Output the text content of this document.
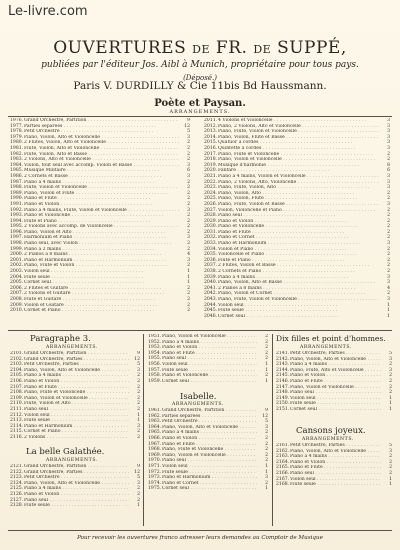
Le-livre.com
OUVERTURES DE FR. DE SUPPÉ,
publiées par l'éditeur Jos. Aibl à Munich, propriétaire pour tous pays.
(Déposé.)
Paris V. DURDILLY & Cie 11bis Bd Haussmann.
Poète et Paysan.
ARRANGEMENTS.
1976. Grand Orchestre, Partition . . .	9
1977. Parties séparées . . .	12
1978. Petit Orchestre . . .	5
1979. Piano, Violon, Alto et Violoncelle . . .	3
1980. 2 Flûtes, Violon, Alto et Violoncelle . . .	2
1981. Flûte, Violon, Alto et Violoncelle . . .	2
1982. Flûte, Violon, Alto et Basse . . .	2
1983. 2 Violons, Alto et Violoncelle . . .	2
1984. Violon, tout seul avec accomp. Violon et Basse . . .	3
1985. Musique Militaire . . .	6
1986. 2 Cornets et Basse . . .	3
1987. Piano à 4 mains . . .	2
1988. Flûte, Violon et Violoncelle . . .	2
1989. Piano, Violon et Flûte . . .	2
1990. Piano et Flûte . . .	2
1991. Piano et Violon . . .	2
1992. Piano à 4 mains, Flûte, Violon et Violoncelle . . .	3
1993. Piano et Violoncelle . . .	2
1994. Flûte et Piano . . .	2
1995. 2 Violons avec accomp. de Violoncelle . . .	2
1996. Piano, Violon et Alto . . .	2
1997. Harmonium et Piano . . .	3
1998. Piano seul, avec Violon . . .	2
1999. Piano à 2 mains . . .	2
2000. 2 Pianos à 8 mains . . .	4
2001. Piano et Harmonium . . .	3
2002. Piano, Flûte et Violon . . .	2
2003. Violon seul . . .	1
2004. Flûte seule . . .	1
2005. Cornet seul . . .	1
2006. 2 Flûtes et Guitare . . .	2
2007. 2 Violons et Guitare . . .	2
2008. Flûte et Guitare . . .	2
2009. Violon et Guitare . . .	2
2010. Cornet et Piano . . .	2
2011. 4 Violons et Violoncelle . . .	3
2012. Piano, 2 Violons, Alto et Violoncelle . . .	3
2013. Piano, Flûte, Violon et Violoncelle . . .	3
2014. Piano, Violon, Flûte et Basse . . .	3
2015. Quatuor à cordes . . .	3
2016. Quintette à cordes . . .	3
2017. Piano, Flûte et Violoncelle . . .	2
2018. Piano, Violon et Violoncelle . . .	2
2019. Musique d'harmonie . . .	8
2020. Fanfare . . .	6
2021. Piano à 4 mains, Violon et Violoncelle . . .	3
2022. Piano, 2 Violons, Alto, Violoncelle . . .	3
2023. Piano, Flûte, Violon, Alto . . .	3
2024. Piano, Violon, Alto . . .	2
2025. Piano, Violon, Flûte . . .	2
2026. Piano, Flûte, Violon et Basse . . .	3
2027. Violon, Violoncelle et Piano . . .	2
2028. Piano seul . . .	2
2029. Piano et Violon . . .	2
2030. Piano et Violoncelle . . .	2
2031. Piano et Flûte . . .	2
2032. Piano et Cornet . . .	2
2033. Piano et Harmonium . . .	3
2034. Violon et Piano . . .	2
2035. Violoncelle et Piano . . .	2
2036. Flûte et Piano . . .	2
2037. 2 Flûtes, Violon et Basse . . .	2
2038. 2 Cornets et Piano . . .	2
2039. Piano à 4 mains . . .	3
2040. Piano, Violon, Alto et Basse . . .	3
2041. 2 Pianos à 8 mains . . .	4
2042. Piano, Violon et Cornet . . .	2
2043. Piano, Flûte, Violon et Violoncelle . . .	3
2044. Violon seul . . .	1
2045. Flûte seule . . .	1
2046. Cornet seul . . .	1
Paragraphe 3.
ARRANGEMENTS.
2101. Grand Orchestre, Partition . . .	9
2102. Grand Orchestre, Parties . . .	12
2103. Petit Orchestre, Parties . . .	5
2104. Piano, Violon, Alto et Violoncelle . . .	3
2105. Piano à 4 mains . . .	2
2106. Piano et Violon . . .	2
2107. Piano et Flûte . . .	2
2108. Piano, Flûte et Violoncelle . . .	2
2109. Piano, Violon et Violoncelle . . .	2
2110. Flûte, Violon et Alto . . .	2
2111. Piano seul . . .	2
2112. Violon seul . . .	1
2113. Flûte seule . . .	1
2114. Piano et Harmonium . . .	3
2115. Cornet et Piano . . .	2
2116. 2 Violons . . .	2
La belle Galathée.
ARRANGEMENTS.
2121. Grand Orchestre, Partition . . .	9
2122. Grand Orchestre, Parties . . .	12
2123. Petit Orchestre . . .	5
2124. Piano, Violon, Alto et Violoncelle . . .	3
2125. Piano à 4 mains . . .	2
2126. Piano et Violon . . .	2
2127. Piano seul . . .	2
2128. Flûte seule . . .	1
1951. Piano, Violon et Violoncelle . . .	2
1952. Piano à 4 mains . . .	2
1953. Piano et Violon . . .	2
1954. Piano et Flûte . . .	2
1955. Piano seul . . .	2
1956. Violon seul . . .	1
1957. Flûte seule . . .	1
1958. Piano et Violoncelle . . .	2
1959. Cornet seul . . .	1
Isabelle.
ARRANGEMENTS.
1961. Grand Orchestre, Partition . . .	9
1962. Parties séparées . . .	12
1963. Petit Orchestre . . .	5
1964. Piano, Violon, Alto et Violoncelle . . .	3
1965. Piano à 4 mains . . .	2
1966. Piano et Violon . . .	2
1967. Piano et Flûte . . .	2
1968. Piano, Flûte et Violoncelle . . .	2
1969. Piano, Violon et Violoncelle . . .	2
1970. Piano seul . . .	2
1971. Violon seul . . .	1
1972. Flûte seule . . .	1
1973. Piano et Harmonium . . .	3
1974. Piano et Cornet . . .	2
1975. Cornet seul . . .	1
Dix filles et point d'hommes.
ARRANGEMENTS.
2141. Petit Orchestre, Parties . . .	5
2142. Piano, Violon, Alto et Violoncelle . . .	3
2143. Piano à 4 mains . . .	2
2144. Piano, Flûte, Alto et Violoncelle . . .	3
2145. Piano et Violon . . .	2
2146. Piano et Flûte . . .	2
2147. Piano, Violon et Violoncelle . . .	2
2148. Piano seul . . .	2
2149. Violon seul . . .	1
2150. Flûte seule . . .	1
2151. Cornet seul . . .	1
Cansons joyeux.
ARRANGEMENTS.
2161. Petit Orchestre, Parties . . .	5
2162. Piano, Violon, Alto et Violoncelle . . .	3
2163. Piano à 4 mains . . .	2
2164. Piano et Violon . . .	2
2165. Piano et Flûte . . .	2
2166. Piano seul . . .	2
2167. Violon seul . . .	1
2168. Flûte seule . . .	1
Pour recevoir les ouvertures franco adresser leurs demandes au Comptoir de Musique
